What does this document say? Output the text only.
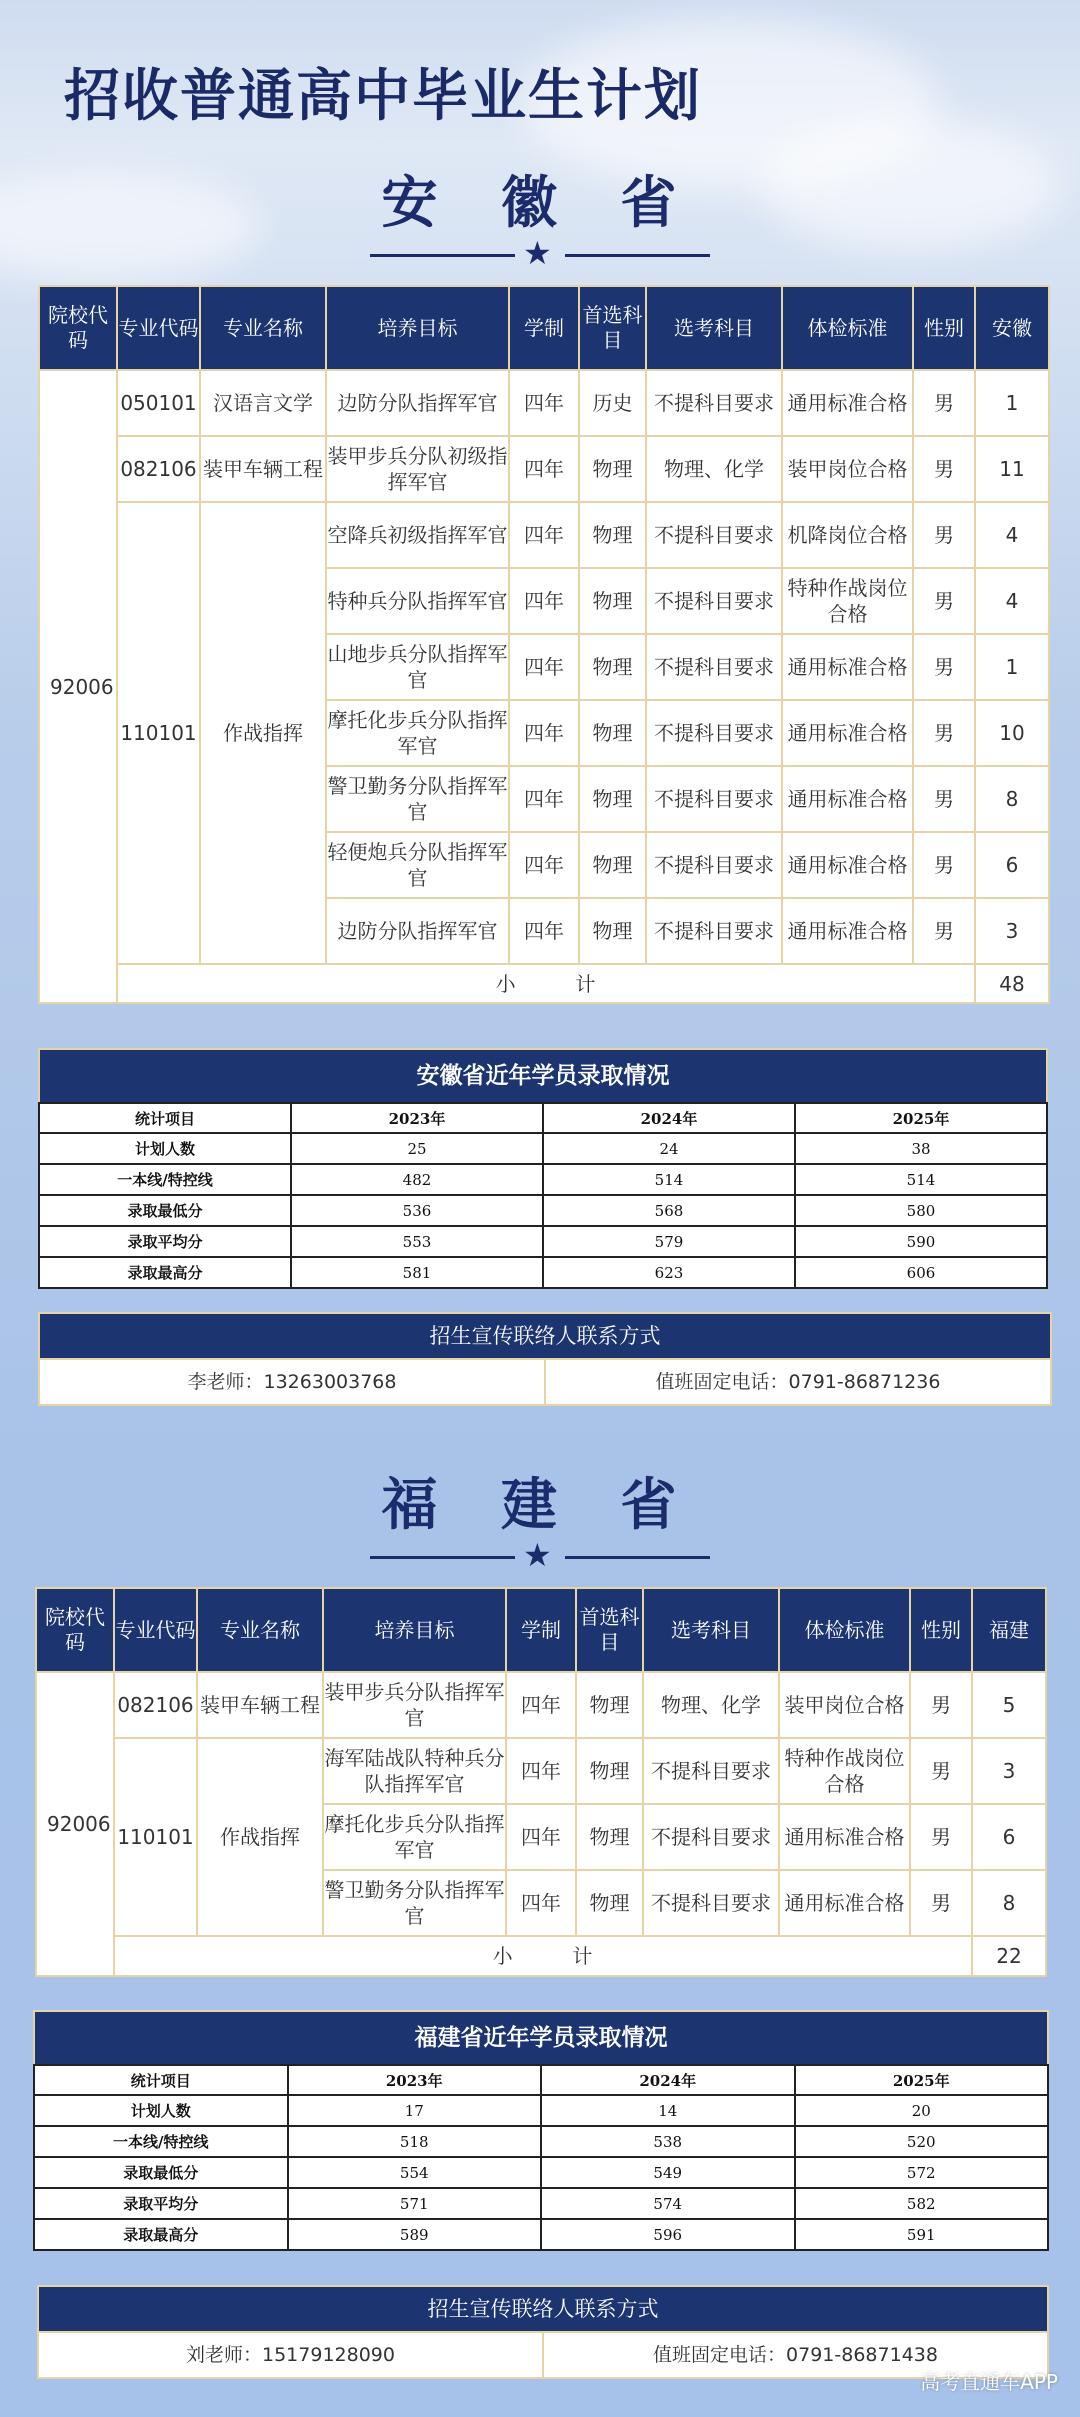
招收普通高中毕业生计划
安 徽 省
★
院校代码	专业代码	专业名称	培养目标	学制	首选科目	选考科目	体检标准	性别	安徽
92006	050101	汉语言文学	边防分队指挥军官	四年	历史	不提科目要求	通用标准合格	男	1
	082106	装甲车辆工程	装甲步兵分队初级指挥军官	四年	物理	物理、化学	装甲岗位合格	男	11
	110101	作战指挥	空降兵初级指挥军官	四年	物理	不提科目要求	机降岗位合格	男	4
			特种兵分队指挥军官	四年	物理	不提科目要求	特种作战岗位合格	男	4
			山地步兵分队指挥军官	四年	物理	不提科目要求	通用标准合格	男	1
			摩托化步兵分队指挥军官	四年	物理	不提科目要求	通用标准合格	男	10
			警卫勤务分队指挥军官	四年	物理	不提科目要求	通用标准合格	男	8
			轻便炮兵分队指挥军官	四年	物理	不提科目要求	通用标准合格	男	6
			边防分队指挥军官	四年	物理	不提科目要求	通用标准合格	男	3
	小        计								48
安徽省近年学员录取情况
统计项目	2023年	2024年	2025年
计划人数	25	24	38
一本线/特控线	482	514	514
录取最低分	536	568	580
录取平均分	553	579	590
录取最高分	581	623	606
招生宣传联络人联系方式
李老师：13263003768	值班固定电话：0791-86871236
福 建 省
★
院校代码	专业代码	专业名称	培养目标	学制	首选科目	选考科目	体检标准	性别	福建
92006	082106	装甲车辆工程	装甲步兵分队指挥军官	四年	物理	物理、化学	装甲岗位合格	男	5
	110101	作战指挥	海军陆战队特种兵分队指挥军官	四年	物理	不提科目要求	特种作战岗位合格	男	3
			摩托化步兵分队指挥军官	四年	物理	不提科目要求	通用标准合格	男	6
			警卫勤务分队指挥军官	四年	物理	不提科目要求	通用标准合格	男	8
	小        计								22
福建省近年学员录取情况
统计项目	2023年	2024年	2025年
计划人数	17	14	20
一本线/特控线	518	538	520
录取最低分	554	549	572
录取平均分	571	574	582
录取最高分	589	596	591
招生宣传联络人联系方式
刘老师：15179128090	值班固定电话：0791-86871438
高考直通车APP
